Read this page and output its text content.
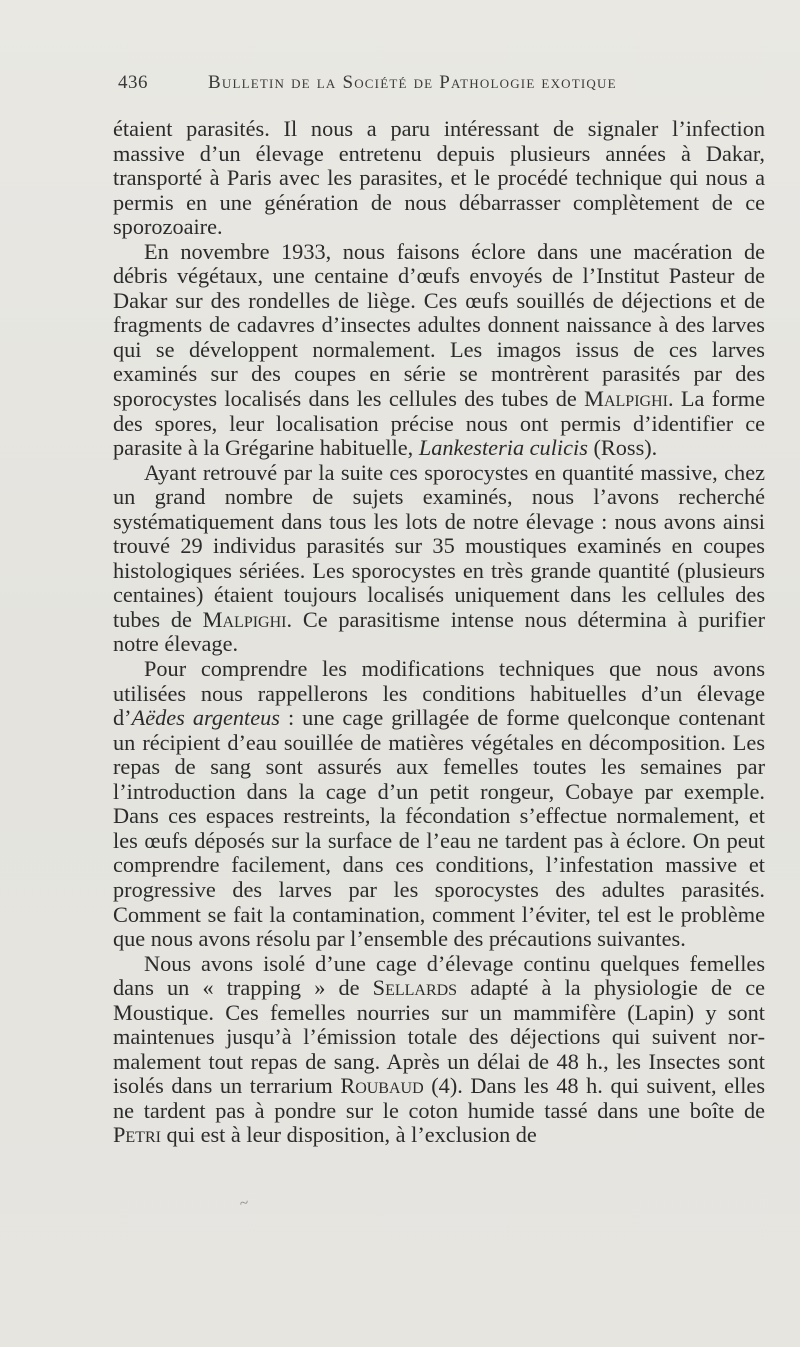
436	Bulletin de la Société de Pathologie exotique

étaient parasités. Il nous a paru intéressant de signaler l’infection massive d’un élevage entretenu depuis plusieurs années à Dakar, transporté à Paris avec les parasites, et le procédé technique qui nous a permis en une génération de nous débarrasser complètement de ce sporozoaire.

En novembre 1933, nous faisons éclore dans une macération de débris végétaux, une centaine d’œufs envoyés de l’Institut Pasteur de Dakar sur des rondelles de liège. Ces œufs souillés de déjections et de fragments de cadavres d’insectes adultes donnent naissance à des larves qui se développent normalement. Les imagos issus de ces larves examinés sur des coupes en série se montrèrent parasités par des sporocystes localisés dans les cellules des tubes de Malpighi. La forme des spores, leur localisation précise nous ont permis d’identifier ce parasite à la Grégarine habituelle, Lankesteria culicis (Ross).

Ayant retrouvé par la suite ces sporocystes en quantité massive, chez un grand nombre de sujets examinés, nous l’avons recherché systématiquement dans tous les lots de notre élevage : nous avons ainsi trouvé 29 individus parasités sur 35 moustiques examinés en coupes histologiques sériées. Les sporocystes en très grande quantité (plusieurs centaines) étaient toujours localisés uniquement dans les cellules des tubes de Malpighi. Ce parasitisme intense nous détermina à purifier notre élevage.

Pour comprendre les modifications techniques que nous avons utilisées nous rappellerons les conditions habituelles d’un élevage d’Aëdes argenteus : une cage grillagée de forme quelconque contenant un récipient d’eau souillée de matières végétales en décomposition. Les repas de sang sont assurés aux femelles toutes les semaines par l’introduction dans la cage d’un petit rongeur, Cobaye par exemple. Dans ces espaces restreints, la fécondation s’effectue normalement, et les œufs déposés sur la surface de l’eau ne tardent pas à éclore. On peut comprendre facilement, dans ces conditions, l’infestation massive et progressive des larves par les sporocystes des adultes parasités. Comment se fait la contamination, comment l’éviter, tel est le problème que nous avons résolu par l’ensemble des précautions suivantes.

Nous avons isolé d’une cage d’élevage continu quelques femelles dans un « trapping » de Sellards adapté à la physiologie de ce Moustique. Ces femelles nourries sur un mammifère (Lapin) y sont maintenues jusqu’à l’émission totale des déjections qui suivent normalement tout repas de sang. Après un délai de 48 h., les Insectes sont isolés dans un terrarium Roubaud (4). Dans les 48 h. qui suivent, elles ne tardent pas à pondre sur le coton humide tassé dans une boîte de Petri qui est à leur disposition, à l’exclusion de

~
